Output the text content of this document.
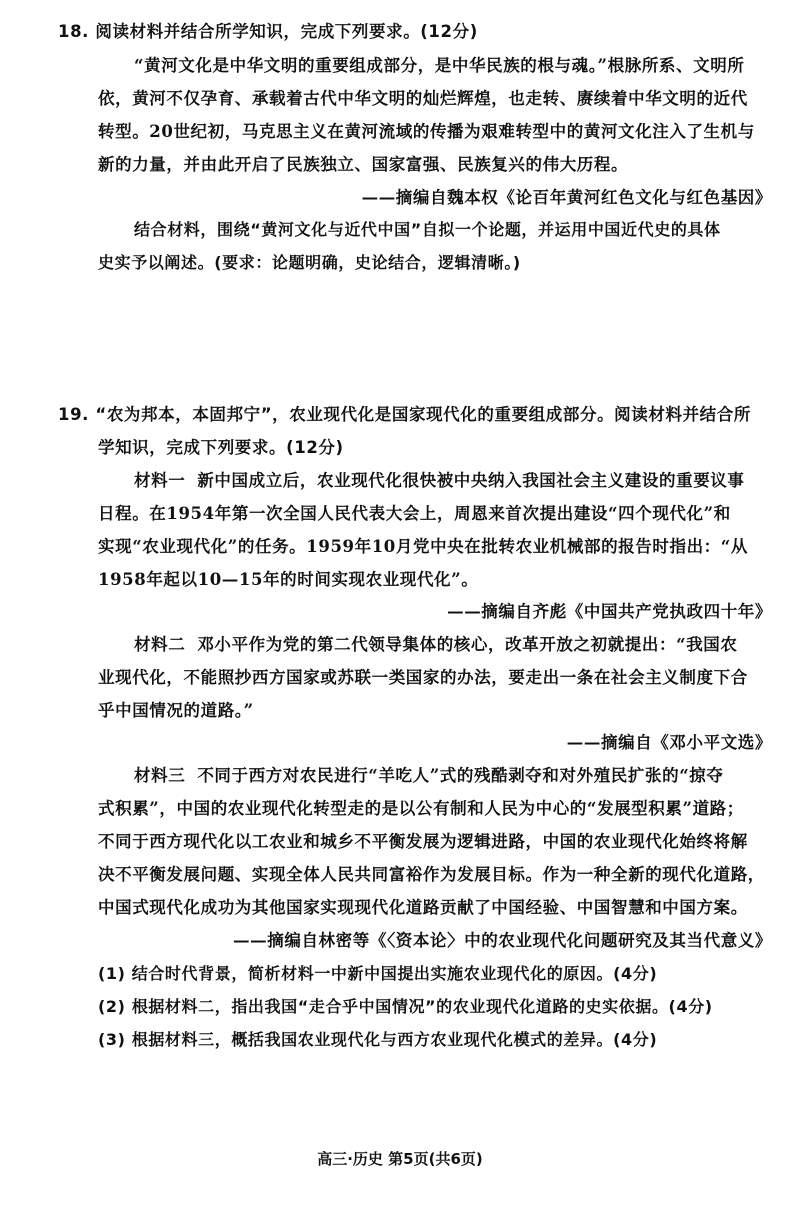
18. 阅读材料并结合所学知识，完成下列要求。(12分)
“黄河文化是中华文明的重要组成部分，是中华民族的根与魂。”根脉所系、文明所
依，黄河不仅孕育、承载着古代中华文明的灿烂辉煌，也走转、赓续着中华文明的近代
转型。20世纪初，马克思主义在黄河流域的传播为艰难转型中的黄河文化注入了生机与
新的力量，并由此开启了民族独立、国家富强、民族复兴的伟大历程。
——摘编自魏本权《论百年黄河红色文化与红色基因》
结合材料，围绕“黄河文化与近代中国”自拟一个论题，并运用中国近代史的具体
史实予以阐述。(要求：论题明确，史论结合，逻辑清晰。)
19. “农为邦本，本固邦宁”，农业现代化是国家现代化的重要组成部分。阅读材料并结合所
学知识，完成下列要求。(12分)
材料一 新中国成立后，农业现代化很快被中央纳入我国社会主义建设的重要议事
日程。在1954年第一次全国人民代表大会上，周恩来首次提出建设“四个现代化”和
实现“农业现代化”的任务。1959年10月党中央在批转农业机械部的报告时指出：“从
1958年起以10—15年的时间实现农业现代化”。
——摘编自齐彪《中国共产党执政四十年》
材料二 邓小平作为党的第二代领导集体的核心，改革开放之初就提出：“我国农
业现代化，不能照抄西方国家或苏联一类国家的办法，要走出一条在社会主义制度下合
乎中国情况的道路。”
——摘编自《邓小平文选》
材料三 不同于西方对农民进行“羊吃人”式的残酷剥夺和对外殖民扩张的“掠夺
式积累”，中国的农业现代化转型走的是以公有制和人民为中心的“发展型积累”道路；
不同于西方现代化以工农业和城乡不平衡发展为逻辑进路，中国的农业现代化始终将解
决不平衡发展问题、实现全体人民共同富裕作为发展目标。作为一种全新的现代化道路，
中国式现代化成功为其他国家实现现代化道路贡献了中国经验、中国智慧和中国方案。
——摘编自林密等《〈资本论〉中的农业现代化问题研究及其当代意义》
(1) 结合时代背景，简析材料一中新中国提出实施农业现代化的原因。(4分)
(2) 根据材料二，指出我国“走合乎中国情况”的农业现代化道路的史实依据。(4分)
(3) 根据材料三，概括我国农业现代化与西方农业现代化模式的差异。(4分)
高三·历史 第5页(共6页)
